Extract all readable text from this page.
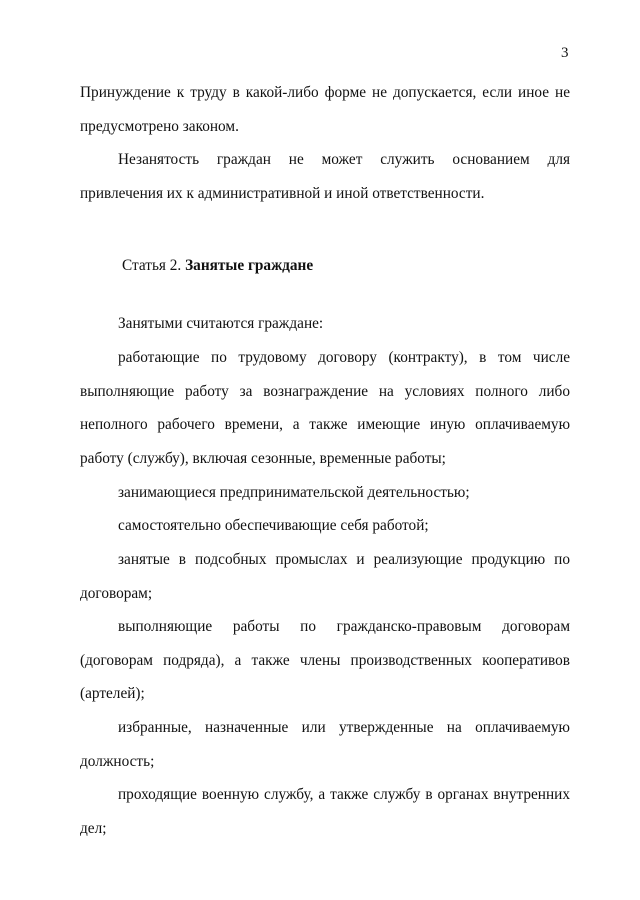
3
Принуждение к труду в какой-либо форме не допускается, если иное не предусмотрено законом.
Незанятость граждан не может служить основанием для привлечения их к административной и иной ответственности.
Статья 2. Занятые граждане
Занятыми считаются граждане:
работающие по трудовому договору (контракту), в том числе выполняющие работу за вознаграждение на условиях полного либо неполного рабочего времени, а также имеющие иную оплачиваемую работу (службу), включая сезонные, временные работы;
занимающиеся предпринимательской деятельностью;
самостоятельно обеспечивающие себя работой;
занятые в подсобных промыслах и реализующие продукцию по договорам;
выполняющие работы по гражданско-правовым договорам (договорам подряда), а также члены производственных кооперативов (артелей);
избранные, назначенные или утвержденные на оплачиваемую должность;
проходящие военную службу, а также службу в органах внутренних дел;
